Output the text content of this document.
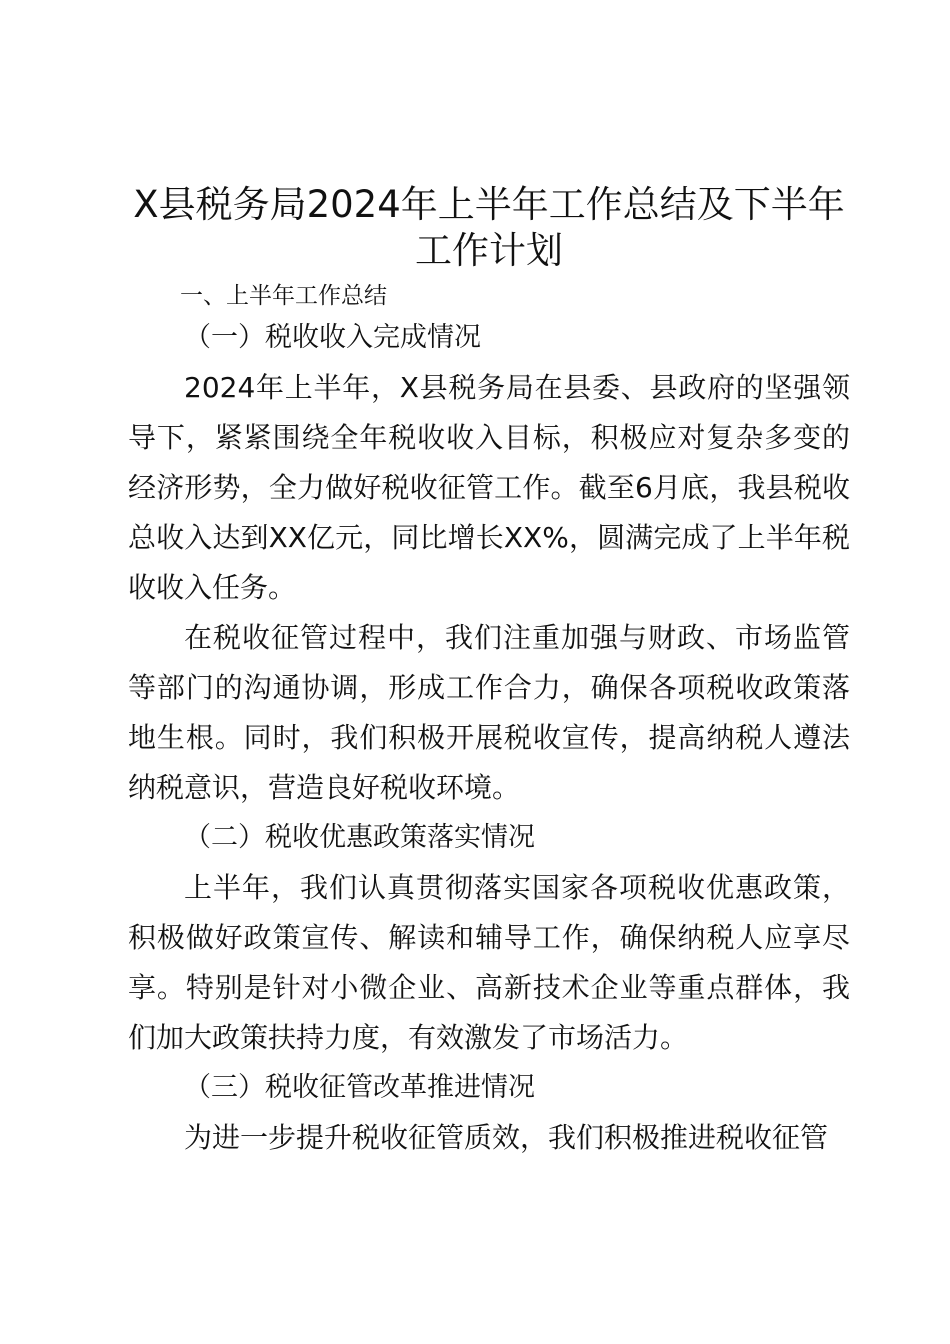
X县税务局2024年上半年工作总结及下半年工作计划
一、上半年工作总结
（一）税收收入完成情况

2024年上半年，X县税务局在县委、县政府的坚强领导下，紧紧围绕全年税收收入目标，积极应对复杂多变的经济形势，全力做好税收征管工作。截至6月底，我县税收总收入达到XX亿元，同比增长XX%，圆满完成了上半年税收收入任务。

在税收征管过程中，我们注重加强与财政、市场监管等部门的沟通协调，形成工作合力，确保各项税收政策落地生根。同时，我们积极开展税收宣传，提高纳税人遵法纳税意识，营造良好税收环境。

（二）税收优惠政策落实情况

上半年，我们认真贯彻落实国家各项税收优惠政策，积极做好政策宣传、解读和辅导工作，确保纳税人应享尽享。特别是针对小微企业、高新技术企业等重点群体，我们加大政策扶持力度，有效激发了市场活力。

（三）税收征管改革推进情况

为进一步提升税收征管质效，我们积极推进税收征管
